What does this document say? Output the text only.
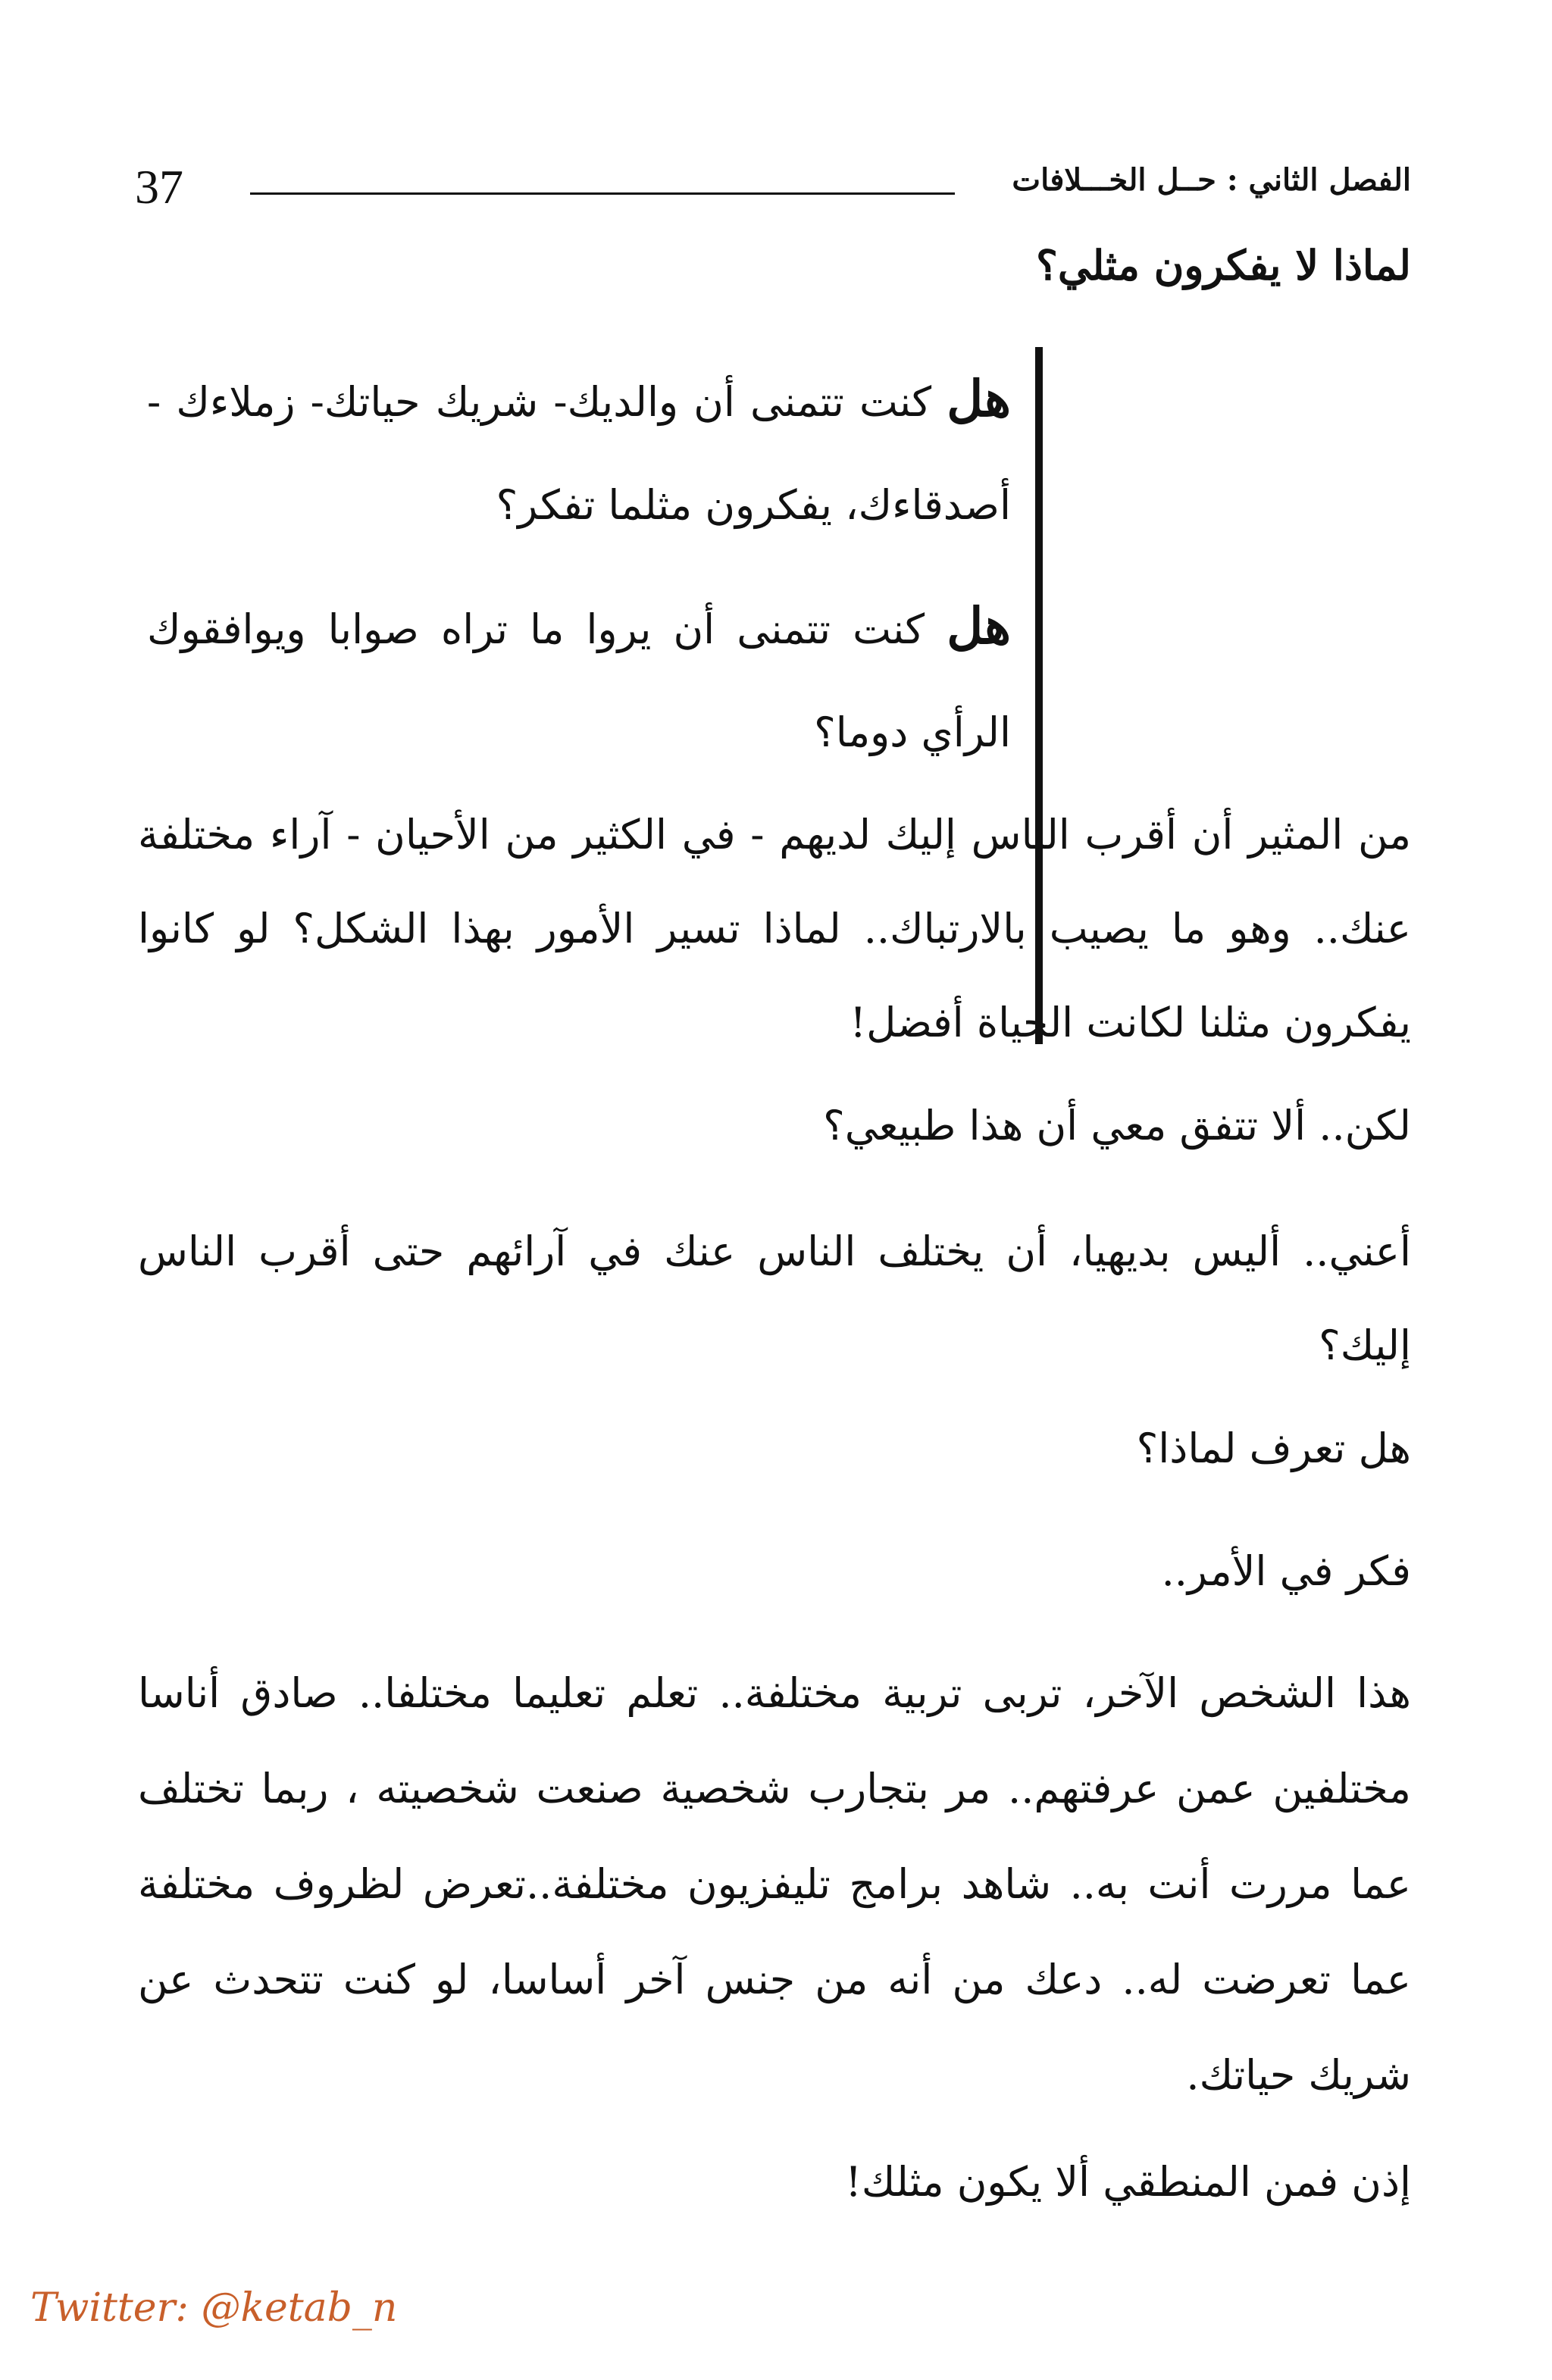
37	الفصل الثاني : حــل الخـــلافات
لماذا لا يفكرون مثلي؟
هل كنت تتمنى أن والديك- شريك حياتك- زملاءك - أصدقاءك، يفكرون مثلما تفكر؟
هل كنت تتمنى أن يروا ما تراه صوابا ويوافقوك الرأي دوما؟
من المثير أن أقرب الناس إليك لديهم - في الكثير من الأحيان - آراء مختلفة عنك.. وهو ما يصيب بالارتباك.. لماذا تسير الأمور بهذا الشكل؟ لو كانوا يفكرون مثلنا لكانت الحياة أفضل!
لكن.. ألا تتفق معي أن هذا طبيعي؟
أعني.. أليس بديهيا، أن يختلف الناس عنك في آرائهم حتى أقرب الناس إليك؟
هل تعرف لماذا؟
فكر في الأمر..
هذا الشخص الآخر، تربى تربية مختلفة.. تعلم تعليما مختلفا.. صادق أناسا مختلفين عمن عرفتهم.. مر بتجارب شخصية صنعت شخصيته ، ربما تختلف عما مررت أنت به.. شاهد برامج تليفزيون مختلفة..تعرض لظروف مختلفة عما تعرضت له.. دعك من أنه من جنس آخر أساسا، لو كنت تتحدث عن شريك حياتك.
إذن فمن المنطقي ألا يكون مثلك!
Twitter: @ketab_n
